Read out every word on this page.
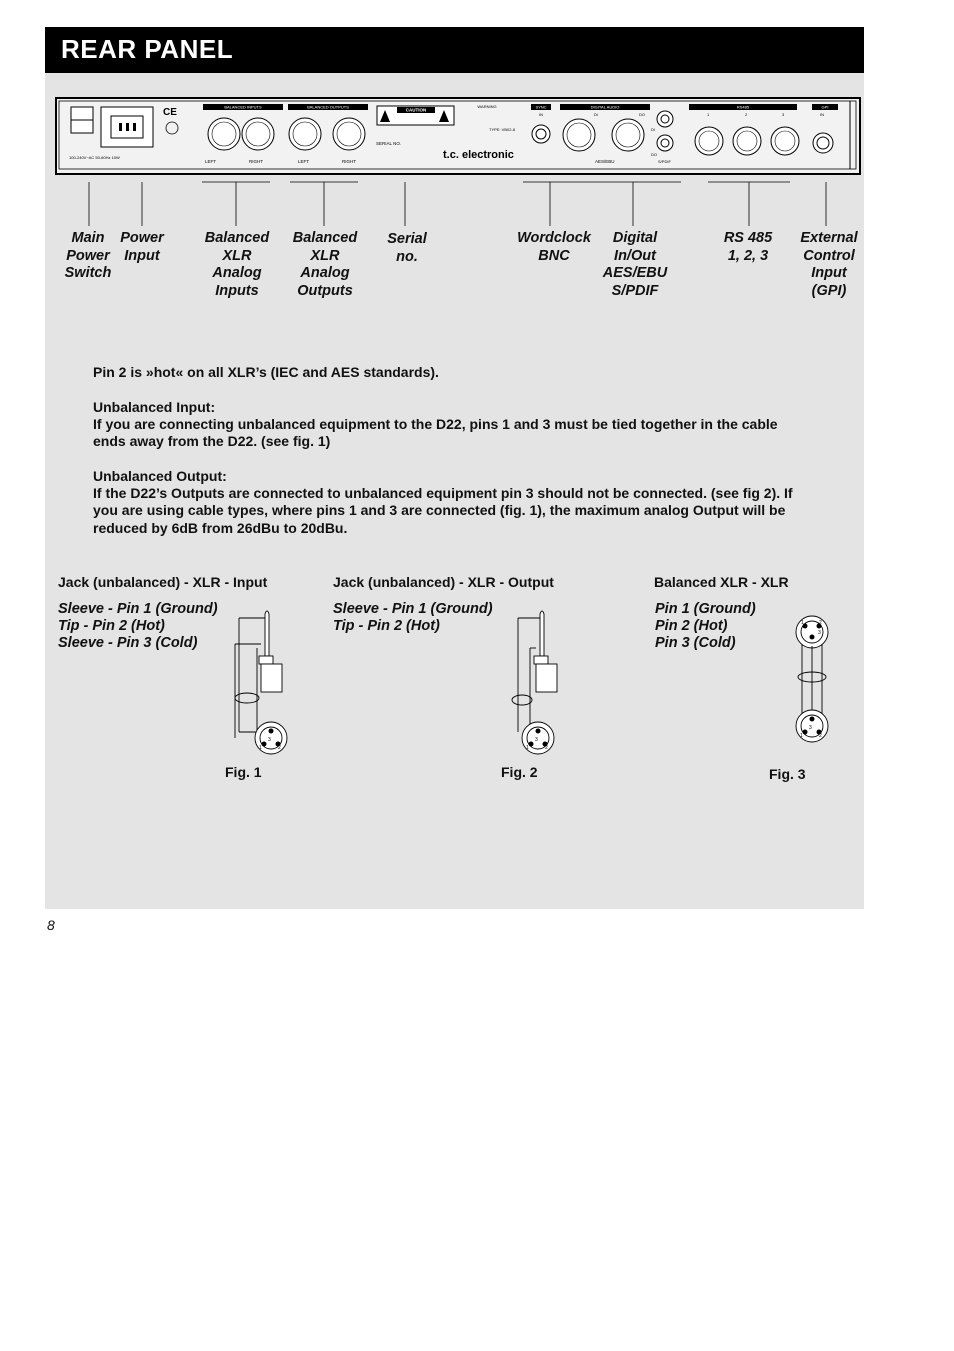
REAR PANEL
CE
100-240V~AC 50-60Hz 10W
BALANCED INPUTS
LEFT	RIGHT
BALANCED OUTPUTS
LEFT	RIGHT
CAUTION
WARNING
SERIAL NO.
t.c. electronic
TYPE: VB02-8
SYNC
IN
DIGITAL AUDIO
DI	DO
AES/EBU
DI
DO
S/PDIF
RS485
1	2	3
GPI
IN
Main
Power
Switch
Power
Input
Balanced
XLR
Analog
Inputs
Balanced
XLR
Analog
Outputs
Serial
no.
Wordclock
BNC
Digital
In/Out
AES/EBU
S/PDIF
RS 485
1, 2, 3
External
Control
Input
(GPI)
Pin 2 is »hot« on all XLR’s (IEC and AES standards).
Unbalanced Input:
If you are connecting unbalanced equipment to the D22, pins 1 and 3 must be tied together in the cable ends away from the D22. (see fig. 1)
Unbalanced Output:
If the D22’s Outputs are connected to unbalanced equipment pin 3 should not be connected. (see fig 2). If you are using cable types, where pins 1 and 3 are connected (fig. 1), the maximum analog Output will be reduced by 6dB from 26dBu to 20dBu.
Jack (unbalanced) - XLR - Input
Sleeve - Pin 1 (Ground)
Tip - Pin 2 (Hot)
Sleeve - Pin 3 (Cold)
Jack (unbalanced) - XLR - Output
Sleeve - Pin 1 (Ground)
Tip - Pin 2 (Hot)
Balanced XLR - XLR
Pin 1 (Ground)
Pin 2 (Hot)
Pin 3 (Cold)
3
1	2
Fig. 1
3
1	2
Fig. 2
1	2
3
3
1	2
Fig. 3
8
